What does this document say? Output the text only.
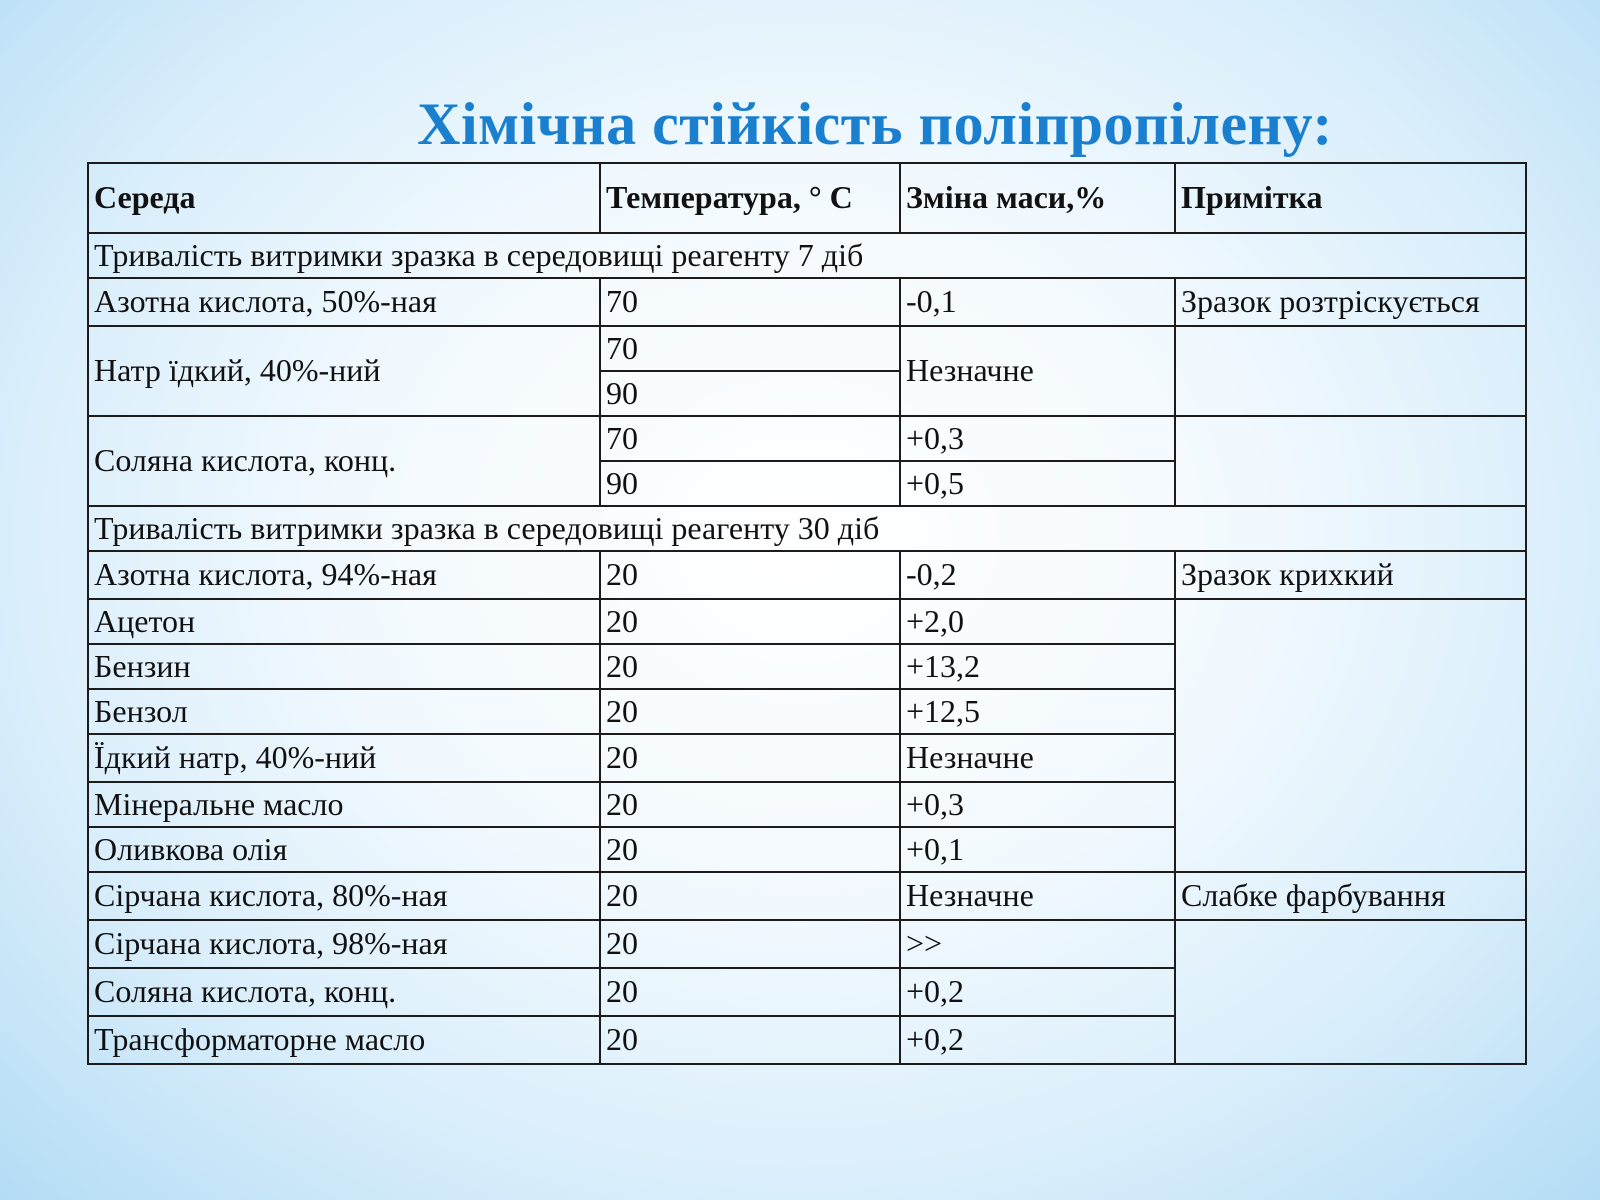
Хімічна стійкість поліпропілену:
Середа	Температура, ° С	Зміна маси,%	Примітка
Тривалість витримки зразка в середовищі реагенту 7 діб			
Азотна кислота, 50%-ная	70	-0,1	Зразок розтріскується
Натр їдкий, 40%-ний	70	Незначне	
	90		
Соляна кислота, конц.	70	+0,3	
	90	+0,5	
Тривалість витримки зразка в середовищі реагенту 30 діб			
Азотна кислота, 94%-ная	20	-0,2	Зразок крихкий
Ацетон	20	+2,0	
Бензин	20	+13,2	
Бензол	20	+12,5	
Їдкий натр, 40%-ний	20	Незначне	
Мінеральне масло	20	+0,3	
Оливкова олія	20	+0,1	
Сірчана кислота, 80%-ная	20	Незначне	Слабке фарбування
Сірчана кислота, 98%-ная	20	>>	
Соляна кислота, конц.	20	+0,2	
Трансформаторне масло	20	+0,2	
